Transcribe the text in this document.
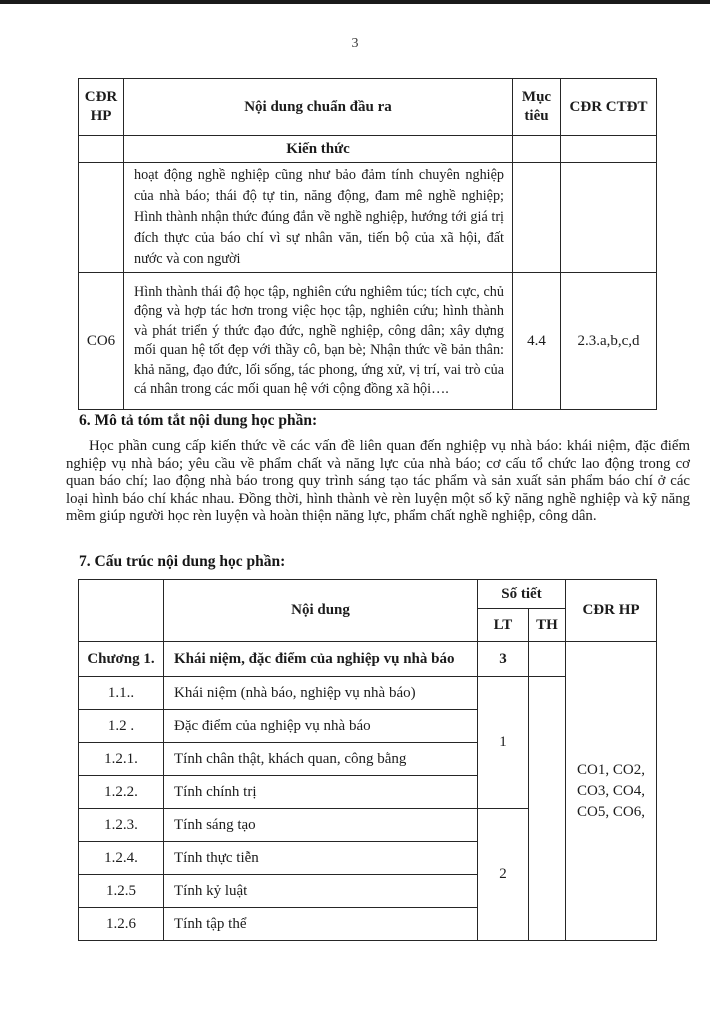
3
CĐR HP	Nội dung chuẩn đầu ra	Mục tiêu	CĐR CTĐT
	Kiến thức		
	hoạt động nghề nghiệp cũng như bảo đảm tính chuyên nghiệp của nhà báo; thái độ tự tin, năng động, đam mê nghề nghiệp; Hình thành nhận thức đúng đắn về nghề nghiệp, hướng tới giá trị đích thực của báo chí vì sự nhân văn, tiến bộ của xã hội, đất nước và con người		
CO6	Hình thành thái độ học tập, nghiên cứu nghiêm túc; tích cực, chủ động và hợp tác hơn trong việc học tập, nghiên cứu; hình thành và phát triển ý thức đạo đức, nghề nghiệp, công dân; xây dựng mối quan hệ tốt đẹp với thầy cô, bạn bè; Nhận thức về bản thân: khả năng, đạo đức, lối sống, tác phong, ứng xử, vị trí, vai trò của cá nhân trong các mối quan hệ với cộng đồng xã hội….	4.4	2.3.a,b,c,d
6. Mô tả tóm tắt nội dung học phần:
Học phần cung cấp kiến thức về các vấn đề liên quan đến nghiệp vụ nhà báo: khái niệm, đặc điểm nghiệp vụ nhà báo; yêu cầu về phẩm chất và năng lực của nhà báo; cơ cấu tổ chức lao động trong cơ quan báo chí; lao động nhà báo trong quy trình sáng tạo tác phẩm và sản xuất sản phẩm báo chí ở các loại hình báo chí khác nhau. Đồng thời, hình thành vè rèn luyện một số kỹ năng nghề nghiệp và kỹ năng mềm giúp người học rèn luyện và hoàn thiện năng lực, phẩm chất nghề nghiệp, công dân.
7. Cấu trúc nội dung học phần:
	Nội dung	Số tiết		CĐR HP
		LT	TH	
Chương 1.	Khái niệm, đặc điểm của nghiệp vụ nhà báo	3		CO1, CO2, CO3, CO4, CO5, CO6,
1.1..	Khái niệm (nhà báo, nghiệp vụ nhà báo)	1		
1.2 .	Đặc điểm của nghiệp vụ nhà báo			
1.2.1.	Tính chân thật, khách quan, công bằng			
1.2.2.	Tính chính trị			
1.2.3.	Tính sáng tạo	2		
1.2.4.	Tính thực tiễn			
1.2.5	Tính kỷ luật			
1.2.6	Tính tập thể			
